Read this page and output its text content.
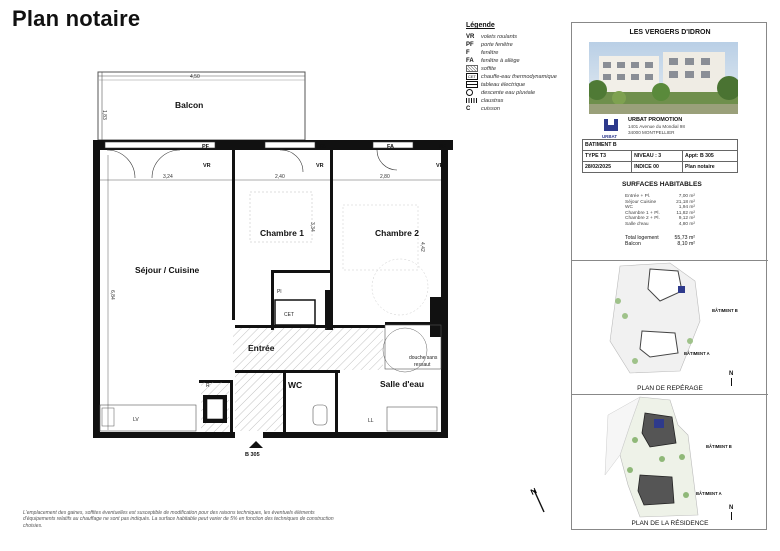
Plan notaire
4,50
1,83
Balcon
PF	FA	FA	PF
VR	VR	VR
CET
Pl
LV
R
LL
douche sans
ressaut
3,24	2,40	2,80
6,84
3,34
4,42
Chambre 1	Chambre 2
Séjour / Cuisine
Entrée
WC	Salle d'eau
B 305
Légende
VR	volets roulants
PF	porte fenêtre
F	fenêtre
FA	fenêtre à allège
soffite
CET chauffe-eau thermodynamique
tableau électrique
descente eau pluviale
claustras
C	cuisson
LES VERGERS D'IDRON
URBAT
URBAT PROMOTION
1401 Avenue du Mondial 98
34000 MONTPELLIER
BATIMENT B		
TYPE T3	NIVEAU : 3	Appt: B 305
28/02/2025	INDICE 00	Plan notaire
SURFACES HABITABLES
Entrée + Pl.	7,00 m²
Séjour Cuisine	21,18 m²
WC	1,94 m²
Chambre 1 + Pl.	11,82 m²
Chambre 2 + Pl.	9,12 m²
Salle d'eau	4,80 m²
Total logement	55,73 m²
Balcon	8,10 m²
BÂTIMENT B
BÂTIMENT A
PLAN DE REPÉRAGE
N
BÂTIMENT B
BÂTIMENT A
PLAN DE LA RÉSIDENCE
N
N
L'emplacement des gaines, soffites éventuelles est susceptible de modification pour des raisons techniques, les éventuels éléments d'équipements relatifs au chauffage ne sont pas indiqués. La surface habitable peut varier de 5% en fonction des techniques de construction choisies.
